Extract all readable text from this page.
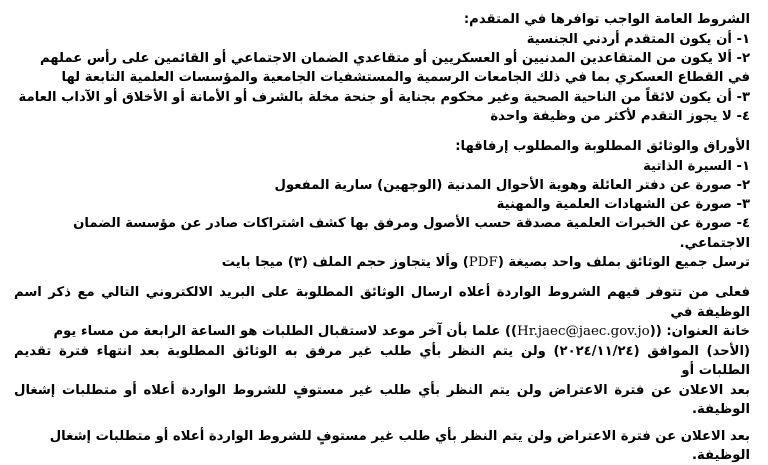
الشروط العامة الواجب توافرها في المتقدم:

١- أن يكون المتقدم أردني الجنسية
٢- ألا يكون من المتقاعدين المدنيين أو العسكريين أو متقاعدي الضمان الاجتماعي أو القائمين على رأس عملهم في القطاع العسكري بما في ذلك الجامعات الرسمية والمستشفيات الجامعية والمؤسسات العلمية التابعة لها
٣- أن يكون لائقاً من الناحية الصحية وغير محكوم بجناية أو جنحة مخلة بالشرف أو الأمانة أو الأخلاق أو الآداب العامة
٤- لا يجوز التقدم لأكثر من وظيفة واحدة

الأوراق والوثائق المطلوبة والمطلوب إرفاقها:

١- السيرة الذاتية
٢- صورة عن دفتر العائلة وهوية الأحوال المدنية (الوجهين) سارية المفعول
٣- صورة عن الشهادات العلمية والمهنية
٤- صورة عن الخبرات العلمية مصدقة حسب الأصول ومرفق بها كشف اشتراكات صادر عن مؤسسة الضمان الاجتماعي.

ترسل جميع الوثائق بملف واحد بصيغة (PDF) وألا يتجاوز حجم الملف (٣) ميجا بايت

فعلى من تتوفر فيهم الشروط الواردة أعلاه ارسال الوثائق المطلوبة على البريد الالكتروني التالي مع ذكر اسم الوظيفة في

خانة العنوان: ((Hr.jaec@jaec.gov.jo)) علما بأن آخر موعد لاستقبال الطلبات هو الساعة الرابعة من مساء يوم

(الأحد) الموافق (٢٠٢٤/١١/٢٤) ولن يتم النظر بأي طلب غير مرفق به الوثائق المطلوبة بعد انتهاء فترة تقديم الطلبات أو

بعد الاعلان عن فترة الاعتراض ولن يتم النظر بأي طلب غير مستوفٍ للشروط الواردة أعلاه أو متطلبات إشغال الوظيفة.

بعد الاعلان عن فترة الاعتراض ولن يتم النظر بأي طلب غير مستوفٍ للشروط الواردة أعلاه أو متطلبات إشغال الوظيفة.
